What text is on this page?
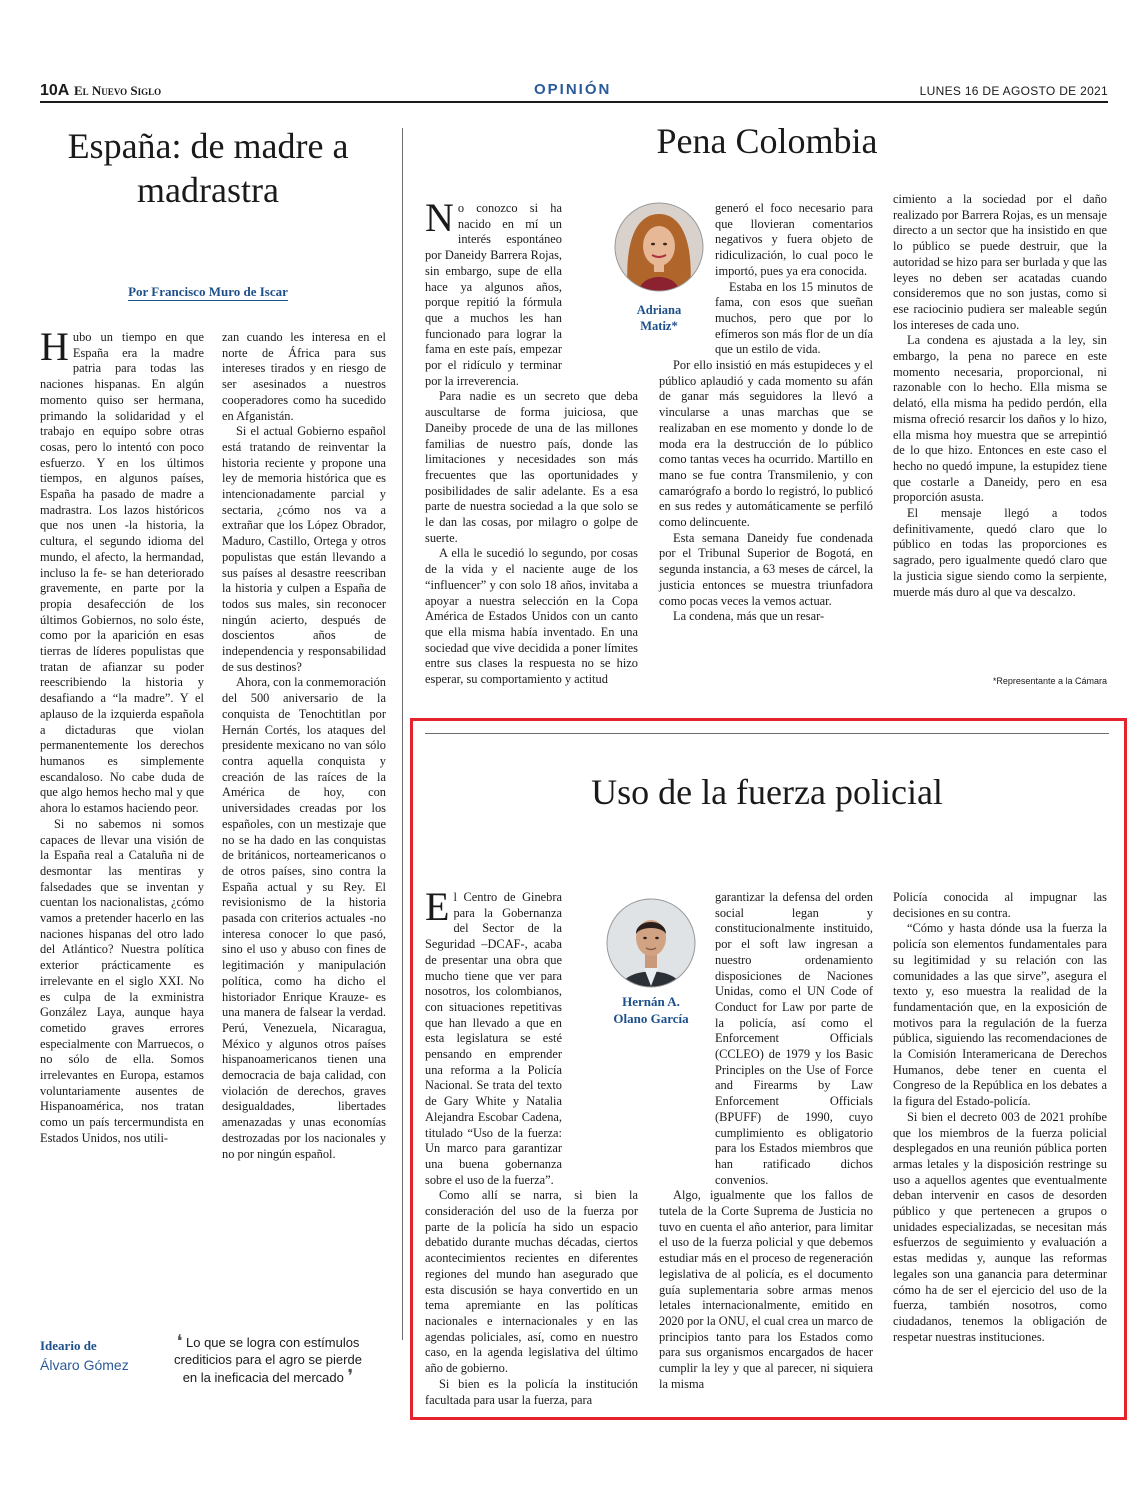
10A El Nuevo Siglo	OPINIÓN	LUNES 16 DE AGOSTO DE 2021
España: de madre a madrastra
Por Francisco Muro de Iscar

Hubo un tiempo en que España era la madre patria para todas las naciones hispanas. En algún momento quiso ser hermana, primando la solidaridad y el trabajo en equipo sobre otras cosas, pero lo intentó con poco esfuerzo. Y en los últimos tiempos, en algunos países, España ha pasado de madre a madrastra. Los lazos históricos que nos unen -la historia, la cultura, el segundo idioma del mundo, el afecto, la hermandad, incluso la fe- se han deteriorado gravemente, en parte por la propia desafección de los últimos Gobiernos, no solo éste, como por la aparición en esas tierras de líderes populistas que tratan de afianzar su poder reescribiendo la historia y desafiando a “la madre”. Y el aplauso de la izquierda española a dictaduras que violan permanentemente los derechos humanos es simplemente escandaloso. No cabe duda de que algo hemos hecho mal y que ahora lo estamos haciendo peor.

Si no sabemos ni somos capaces de llevar una visión de la España real a Cataluña ni de desmontar las mentiras y falsedades que se inventan y cuentan los nacionalistas, ¿cómo vamos a pretender hacerlo en las naciones hispanas del otro lado del Atlántico? Nuestra política exterior prácticamente es irrelevante en el siglo XXI. No es culpa de la exministra González Laya, aunque haya cometido graves errores especialmente con Marruecos, o no sólo de ella. Somos irrelevantes en Europa, estamos voluntariamente ausentes de Hispanoamérica, nos tratan como un país tercermundista en Estados Unidos, nos utili-

zan cuando les interesa en el norte de África para sus intereses tirados y en riesgo de ser asesinados a nuestros cooperadores como ha sucedido en Afganistán.

Si el actual Gobierno español está tratando de reinventar la historia reciente y propone una ley de memoria histórica que es intencionadamente parcial y sectaria, ¿cómo nos va a extrañar que los López Obrador, Maduro, Castillo, Ortega y otros populistas que están llevando a sus países al desastre reescriban la historia y culpen a España de todos sus males, sin reconocer ningún acierto, después de doscientos años de independencia y responsabilidad de sus destinos?

Ahora, con la conmemoración del 500 aniversario de la conquista de Tenochtitlan por Hernán Cortés, los ataques del presidente mexicano no van sólo contra aquella conquista y creación de las raíces de la América de hoy, con universidades creadas por los españoles, con un mestizaje que no se ha dado en las conquistas de británicos, norteamericanos o de otros países, sino contra la España actual y su Rey. El revisionismo de la historia pasada con criterios actuales -no interesa conocer lo que pasó, sino el uso y abuso con fines de legitimación y manipulación política, como ha dicho el historiador Enrique Krauze- es una manera de falsear la verdad. Perú, Venezuela, Nicaragua, México y algunos otros países hispanoamericanos tienen una democracia de baja calidad, con violación de derechos, graves desigualdades, libertades amenazadas y unas economías destrozadas por los nacionales y no por ningún español.

Ideario de
Álvaro Gómez
❛ Lo que se logra con estímulos crediticios para el agro se pierde en la ineficacia del mercado ❜
Pena Colombia
Adriana
Matiz*

No conozco si ha nacido en mí un interés espontáneo por Daneidy Barrera Rojas, sin embargo, supe de ella hace ya algunos años, porque repitió la fórmula que a muchos les han funcionado para lograr la fama en este país, empezar por el ridículo y terminar por la irreverencia.

Para nadie es un secreto que deba auscultarse de forma juiciosa, que Daneiby procede de una de las millones familias de nuestro país, donde las limitaciones y necesidades son más frecuentes que las oportunidades y posibilidades de salir adelante. Es a esa parte de nuestra sociedad a la que solo se le dan las cosas, por milagro o golpe de suerte.

A ella le sucedió lo segundo, por cosas de la vida y el naciente auge de los “influencer” y con solo 18 años, invitaba a apoyar a nuestra selección en la Copa América de Estados Unidos con un canto que ella misma había inventado. En una sociedad que vive decidida a poner límites entre sus clases la respuesta no se hizo esperar, su comportamiento y actitud

generó el foco necesario para que llovieran comentarios negativos y fuera objeto de ridiculización, lo cual poco le importó, pues ya era conocida.

Estaba en los 15 minutos de fama, con esos que sueñan muchos, pero que por lo efímeros son más flor de un día que un estilo de vida.

Por ello insistió en más estupideces y el público aplaudió y cada momento su afán de ganar más seguidores la llevó a vincularse a unas marchas que se realizaban en ese momento y donde lo de moda era la destrucción de lo público como tantas veces ha ocurrido. Martillo en mano se fue contra Transmilenio, y con camarógrafo a bordo lo registró, lo publicó en sus redes y automáticamente se perfiló como delincuente.

Esta semana Daneidy fue condenada por el Tribunal Superior de Bogotá, en segunda instancia, a 63 meses de cárcel, la justicia entonces se muestra triunfadora como pocas veces la vemos actuar.

La condena, más que un resar-

cimiento a la sociedad por el daño realizado por Barrera Rojas, es un mensaje directo a un sector que ha insistido en que lo público se puede destruir, que la autoridad se hizo para ser burlada y que las leyes no deben ser acatadas cuando consideremos que no son justas, como si ese raciocinio pudiera ser maleable según los intereses de cada uno.

La condena es ajustada a la ley, sin embargo, la pena no parece en este momento necesaria, proporcional, ni razonable con lo hecho. Ella misma se delató, ella misma ha pedido perdón, ella misma ofreció resarcir los daños y lo hizo, ella misma hoy muestra que se arrepintió de lo que hizo. Entonces en este caso el hecho no quedó impune, la estupidez tiene que costarle a Daneidy, pero en esa proporción asusta.

El mensaje llegó a todos definitivamente, quedó claro que lo público en todas las proporciones es sagrado, pero igualmente quedó claro que la justicia sigue siendo como la serpiente, muerde más duro al que va descalzo.

*Representante a la Cámara
Uso de la fuerza policial
Hernán A.
Olano García

El Centro de Ginebra para la Gobernanza del Sector de la Seguridad –DCAF-, acaba de presentar una obra que mucho tiene que ver para nosotros, los colombianos, con situaciones repetitivas que han llevado a que en esta legislatura se esté pensando en emprender una reforma a la Policía Nacional. Se trata del texto de Gary White y Natalia Alejandra Escobar Cadena, titulado “Uso de la fuerza: Un marco para garantizar una buena gobernanza sobre el uso de la fuerza”.

Como allí se narra, si bien la consideración del uso de la fuerza por parte de la policía ha sido un espacio debatido durante muchas décadas, ciertos acontecimientos recientes en diferentes regiones del mundo han asegurado que esta discusión se haya convertido en un tema apremiante en las políticas nacionales e internacionales y en las agendas policiales, así, como en nuestro caso, en la agenda legislativa del último año de gobierno.

Si bien es la policía la institución facultada para usar la fuerza, para

garantizar la defensa del orden social legan y constitucionalmente instituido, por el soft law ingresan a nuestro ordenamiento disposiciones de Naciones Unidas, como el UN Code of Conduct for Law por parte de la policía, así como el Enforcement Officials (CCLEO) de 1979 y los Basic Principles on the Use of Force and Firearms by Law Enforcement Officials (BPUFF) de 1990, cuyo cumplimiento es obligatorio para los Estados miembros que han ratificado dichos convenios.

Algo, igualmente que los fallos de tutela de la Corte Suprema de Justicia no tuvo en cuenta el año anterior, para limitar el uso de la fuerza policial y que debemos estudiar más en el proceso de regeneración legislativa de al policía, es el documento guía suplementaria sobre armas menos letales internacionalmente, emitido en 2020 por la ONU, el cual crea un marco de principios tanto para los Estados como para sus organismos encargados de hacer cumplir la ley y que al parecer, ni siquiera la misma

Policía conocida al impugnar las decisiones en su contra.

“Cómo y hasta dónde usa la fuerza la policía son elementos fundamentales para su legitimidad y su relación con las comunidades a las que sirve”, asegura el texto y, eso muestra la realidad de la fundamentación que, en la exposición de motivos para la regulación de la fuerza pública, siguiendo las recomendaciones de la Comisión Interamericana de Derechos Humanos, debe tener en cuenta el Congreso de la República en los debates a la figura del Estado-policía.

Si bien el decreto 003 de 2021 prohíbe que los miembros de la fuerza policial desplegados en una reunión pública porten armas letales y la disposición restringe su uso a aquellos agentes que eventualmente deban intervenir en casos de desorden público y que pertenecen a grupos o unidades especializadas, se necesitan más esfuerzos de seguimiento y evaluación a estas medidas y, aunque las reformas legales son una ganancia para determinar cómo ha de ser el ejercicio del uso de la fuerza, también nosotros, como ciudadanos, tenemos la obligación de respetar nuestras instituciones.
